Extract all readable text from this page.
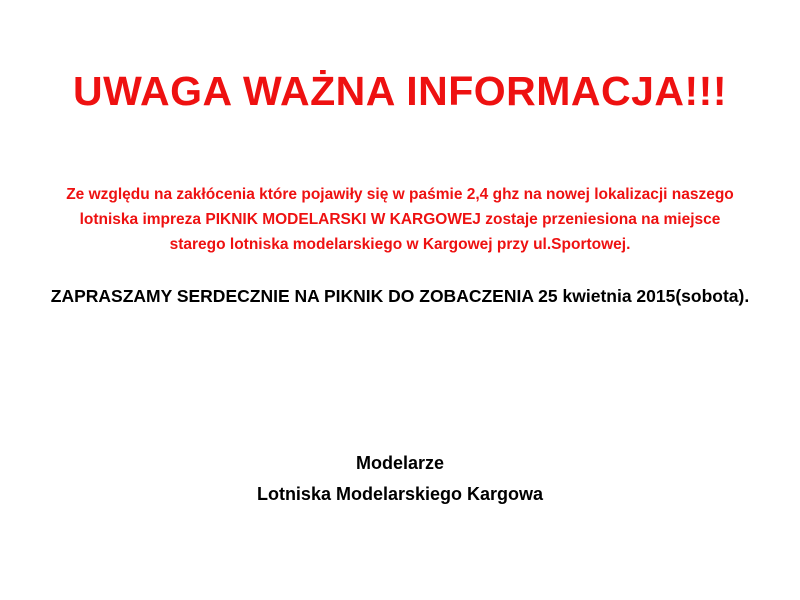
UWAGA WAŻNA INFORMACJA!!!
Ze względu na zakłócenia które pojawiły się w paśmie 2,4 ghz na nowej lokalizacji naszego
lotniska impreza PIKNIK MODELARSKI W KARGOWEJ zostaje przeniesiona na miejsce
starego lotniska modelarskiego w Kargowej przy ul.Sportowej.
ZAPRASZAMY SERDECZNIE NA PIKNIK DO ZOBACZENIA 25 kwietnia 2015(sobota).
Modelarze
Lotniska Modelarskiego Kargowa
